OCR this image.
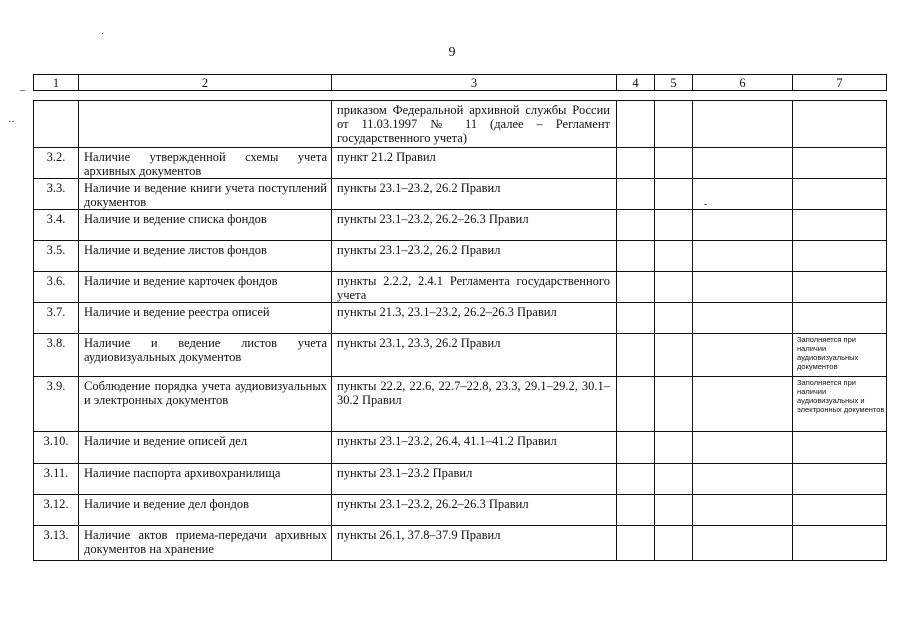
9
·
–
··
-
1	2	3	4	5	6	7
		приказом Федеральной архивной службы России от 11.03.1997 № 11 (далее – Регламент государственного учета)				
3.2.	Наличие утвержденной схемы учета архивных документов	пункт 21.2 Правил				
3.3.	Наличие и ведение книги учета поступлений документов	пункты 23.1–23.2, 26.2 Правил				
3.4.	Наличие и ведение списка фондов	пункты 23.1–23.2, 26.2–26.3 Правил				
3.5.	Наличие и ведение листов фондов	пункты 23.1–23.2, 26.2 Правил				
3.6.	Наличие и ведение карточек фондов	пункты 2.2.2, 2.4.1 Регламента государственного учета				
3.7.	Наличие и ведение реестра описей	пункты 21.3, 23.1–23.2, 26.2–26.3 Правил				
3.8.	Наличие и ведение листов учета аудиовизуальных документов	пункты 23.1, 23.3, 26.2 Правил				Заполняется при наличии аудиовизуальных документов
3.9.	Соблюдение порядка учета аудиовизуальных и электронных документов	пункты 22.2, 22.6, 22.7–22.8, 23.3, 29.1–29.2, 30.1–30.2 Правил				Заполняется при наличии аудиовизуальных и электронных документов
3.10.	Наличие и ведение описей дел	пункты 23.1–23.2, 26.4, 41.1–41.2 Правил				
3.11.	Наличие паспорта архивохранилища	пункты 23.1–23.2 Правил				
3.12.	Наличие и ведение дел фондов	пункты 23.1–23.2, 26.2–26.3 Правил				
3.13.	Наличие актов приема-передачи архивных документов на хранение	пункты 26.1, 37.8–37.9 Правил				
